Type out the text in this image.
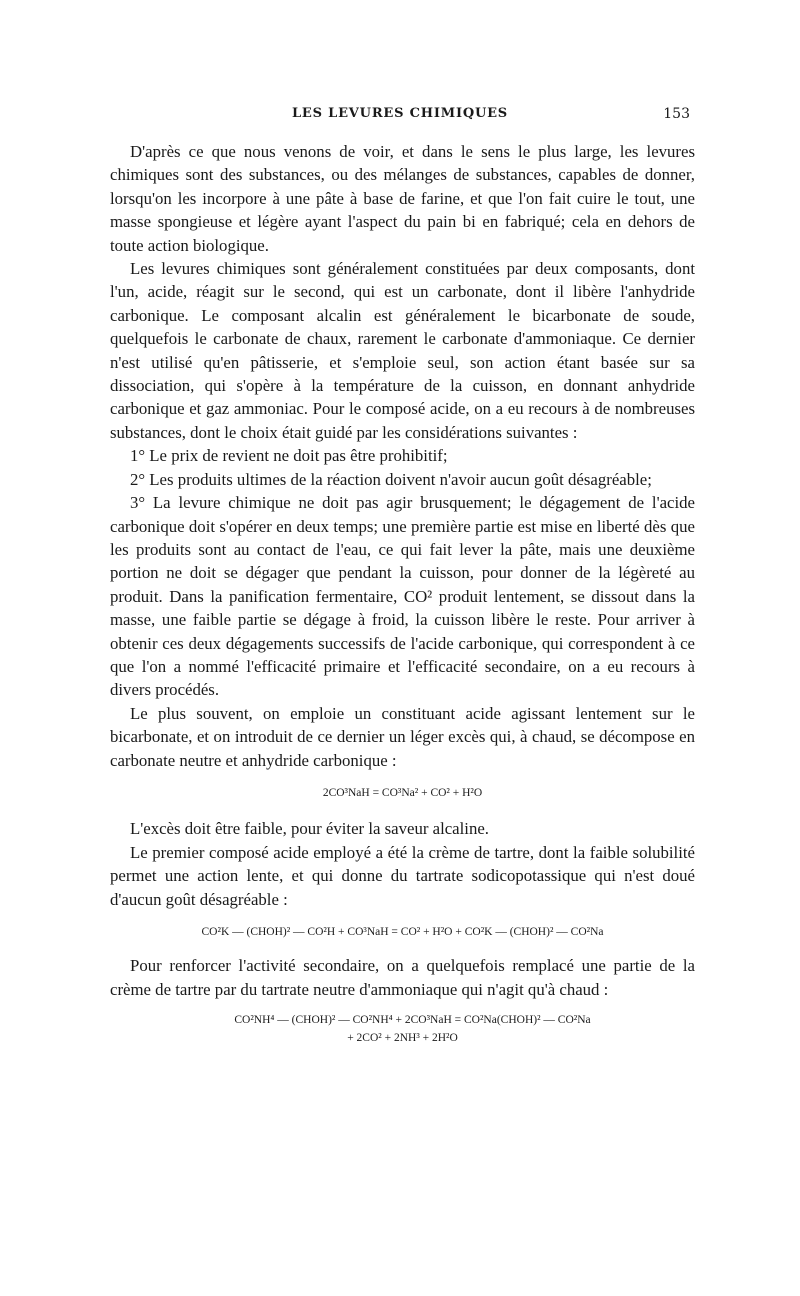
LES LEVURES CHIMIQUES	153

D'après ce que nous venons de voir, et dans le sens le plus large, les levures chimiques sont des substances, ou des mélanges de substances, capables de donner, lorsqu'on les incorpore à une pâte à base de farine, et que l'on fait cuire le tout, une masse spongieuse et légère ayant l'aspect du pain bi en fabriqué; cela en dehors de toute action biologique.

Les levures chimiques sont généralement constituées par deux composants, dont l'un, acide, réagit sur le second, qui est un carbonate, dont il libère l'anhydride carbonique. Le composant alcalin est généralement le bicarbonate de soude, quelquefois le carbonate de chaux, rarement le carbonate d'ammoniaque. Ce dernier n'est utilisé qu'en pâtisserie, et s'emploie seul, son action étant basée sur sa dissociation, qui s'opère à la température de la cuisson, en donnant anhydride carbonique et gaz ammoniac. Pour le composé acide, on a eu recours à de nombreuses substances, dont le choix était guidé par les considérations suivantes :

1° Le prix de revient ne doit pas être prohibitif;

2° Les produits ultimes de la réaction doivent n'avoir aucun goût désagréable;

3° La levure chimique ne doit pas agir brusquement; le dégagement de l'acide carbonique doit s'opérer en deux temps; une première partie est mise en liberté dès que les produits sont au contact de l'eau, ce qui fait lever la pâte, mais une deuxième portion ne doit se dégager que pendant la cuisson, pour donner de la légèreté au produit. Dans la panification fermentaire, CO² produit lentement, se dissout dans la masse, une faible partie se dégage à froid, la cuisson libère le reste. Pour arriver à obtenir ces deux dégagements successifs de l'acide carbonique, qui correspondent à ce que l'on a nommé l'efficacité primaire et l'efficacité secondaire, on a eu recours à divers procédés.

Le plus souvent, on emploie un constituant acide agissant lentement sur le bicarbonate, et on introduit de ce dernier un léger excès qui, à chaud, se décompose en carbonate neutre et anhydride carbonique :

2CO³NaH = CO³Na² + CO² + H²O

L'excès doit être faible, pour éviter la saveur alcaline.

Le premier composé acide employé a été la crème de tartre, dont la faible solubilité permet une action lente, et qui donne du tartrate sodicopotassique qui n'est doué d'aucun goût désagréable :

CO²K — (CHOH)² — CO²H + CO³NaH = CO² + H²O + CO²K — (CHOH)² — CO²Na

Pour renforcer l'activité secondaire, on a quelquefois remplacé une partie de la crème de tartre par du tartrate neutre d'ammoniaque qui n'agit qu'à chaud :

CO²NH⁴ — (CHOH)² — CO²NH⁴ + 2CO³NaH = CO²Na(CHOH)² — CO²Na
+ 2CO² + 2NH³ + 2H²O
